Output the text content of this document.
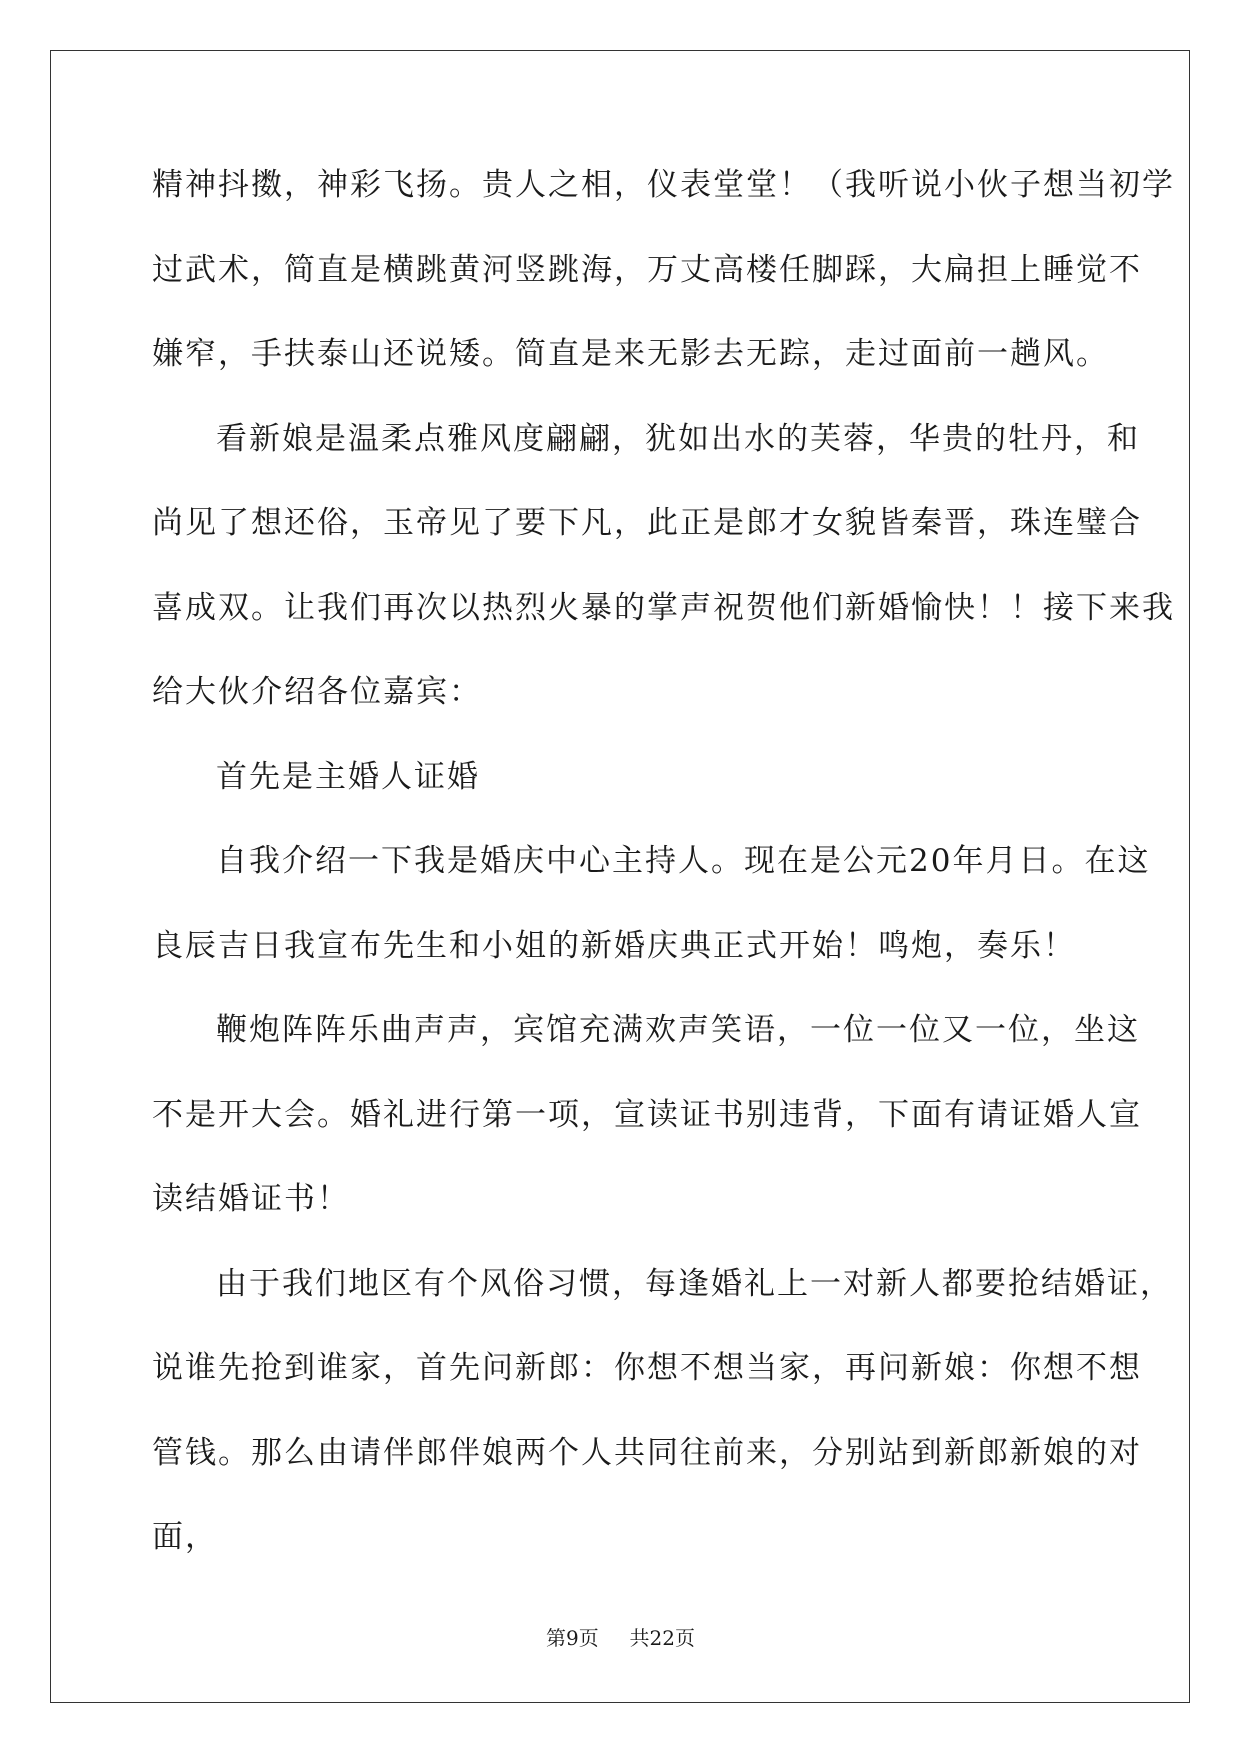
精神抖擞，神彩飞扬。贵人之相，仪表堂堂！（我听说小伙子想当初学
过武术，简直是横跳黄河竖跳海，万丈高楼任脚踩，大扁担上睡觉不
嫌窄，手扶泰山还说矮。简直是来无影去无踪，走过面前一趟风。
看新娘是温柔点雅风度翩翩，犹如出水的芙蓉，华贵的牡丹，和
尚见了想还俗，玉帝见了要下凡，此正是郎才女貌皆秦晋，珠连璧合
喜成双。让我们再次以热烈火暴的掌声祝贺他们新婚愉快！！接下来我
给大伙介绍各位嘉宾：
首先是主婚人证婚
自我介绍一下我是婚庆中心主持人。现在是公元20年月日。在这
良辰吉日我宣布先生和小姐的新婚庆典正式开始！鸣炮，奏乐！
鞭炮阵阵乐曲声声，宾馆充满欢声笑语，一位一位又一位，坐这
不是开大会。婚礼进行第一项，宣读证书别违背，下面有请证婚人宣
读结婚证书！
由于我们地区有个风俗习惯，每逢婚礼上一对新人都要抢结婚证，
说谁先抢到谁家，首先问新郎：你想不想当家，再问新娘：你想不想
管钱。那么由请伴郎伴娘两个人共同往前来，分别站到新郎新娘的对
面，
第9页 共22页
